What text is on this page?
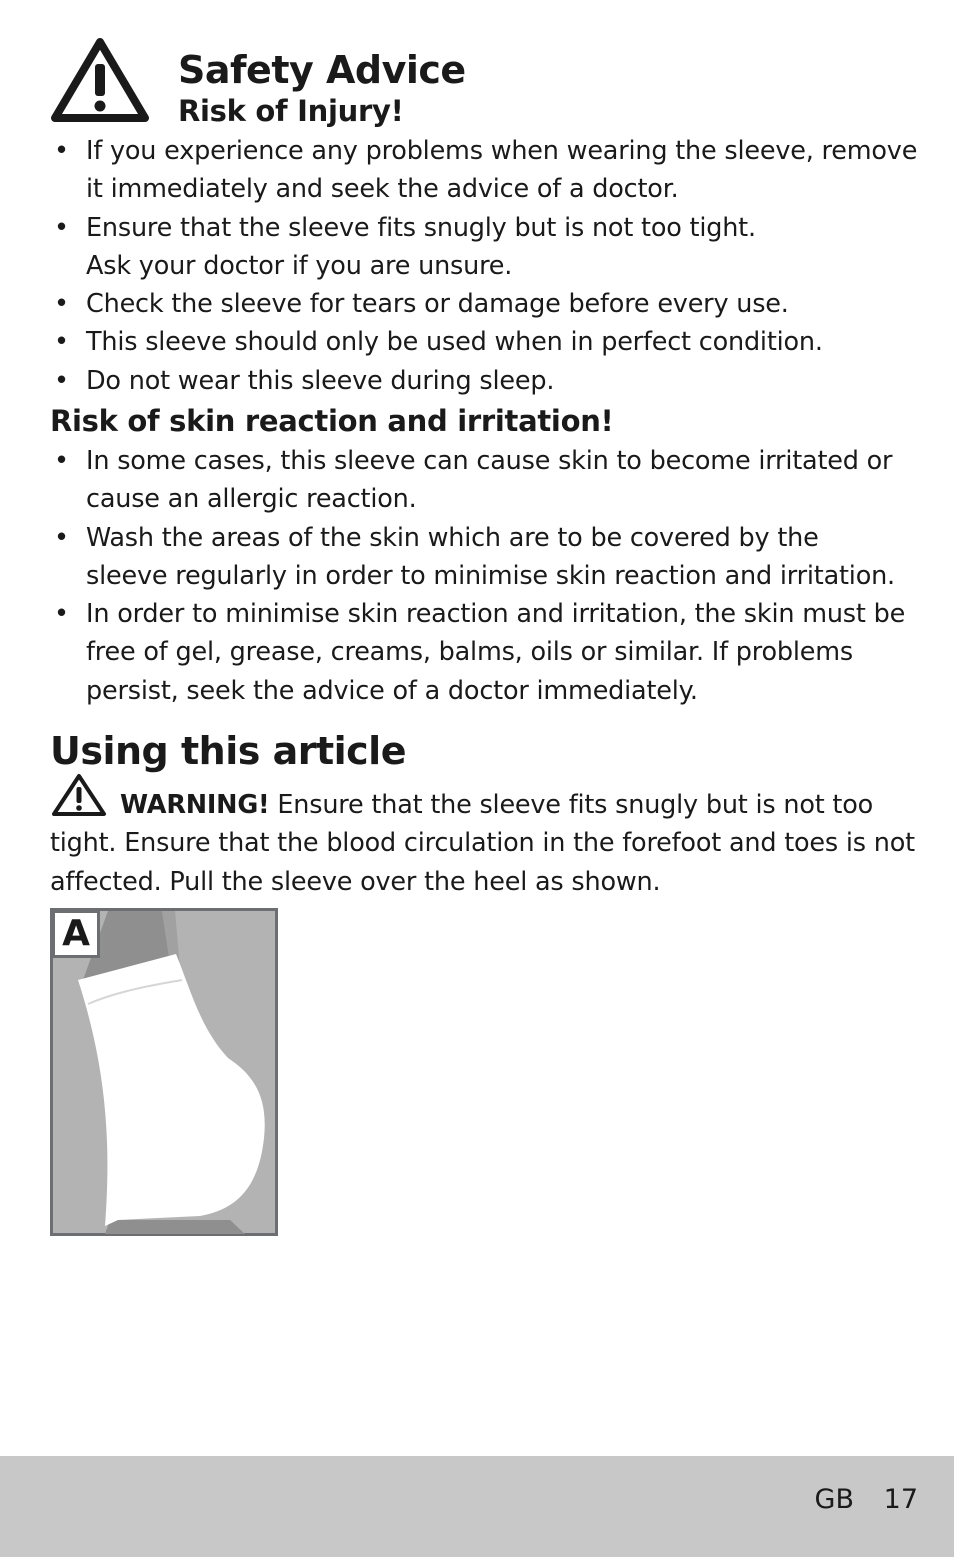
Safety Advice
Risk of Injury!
• If you experience any problems when wearing the sleeve, remove
it immediately and seek the advice of a doctor.
• Ensure that the sleeve fits snugly but is not too tight.
Ask your doctor if you are unsure.
• Check the sleeve for tears or damage before every use.
• This sleeve should only be used when in perfect condition.
• Do not wear this sleeve during sleep.
Risk of skin reaction and irritation!
• In some cases, this sleeve can cause skin to become irritated or
cause an allergic reaction.
• Wash the areas of the skin which are to be covered by the
sleeve regularly in order to minimise skin reaction and irritation.
• In order to minimise skin reaction and irritation, the skin must be
free of gel, grease, creams, balms, oils or similar. If problems
persist, seek the advice of a doctor immediately.
Using this article
WARNING! Ensure that the sleeve fits snugly but is not too
tight. Ensure that the blood circulation in the forefoot and toes is not
affected. Pull the sleeve over the heel as shown.
A
GB 17
